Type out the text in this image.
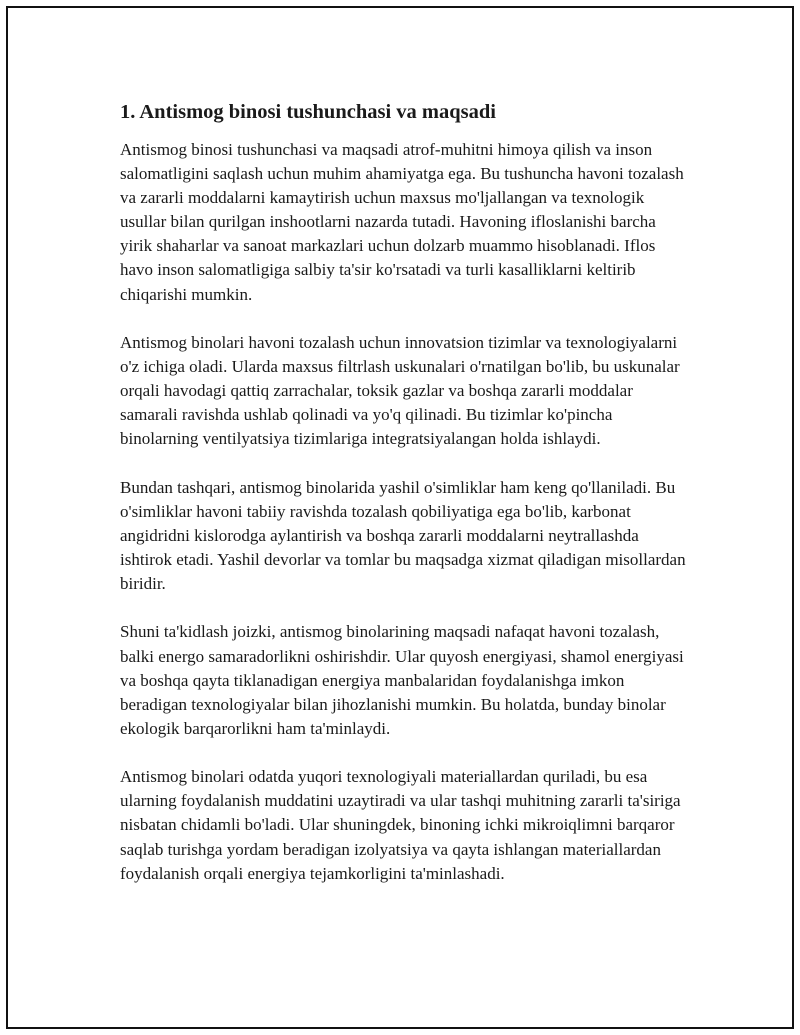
1. Antismog binosi tushunchasi va maqsadi

Antismog binosi tushunchasi va maqsadi atrof-muhitni himoya qilish va inson salomatligini saqlash uchun muhim ahamiyatga ega. Bu tushuncha havoni tozalash va zararli moddalarni kamaytirish uchun maxsus mo'ljallangan va texnologik usullar bilan qurilgan inshootlarni nazarda tutadi. Havoning ifloslanishi barcha yirik shaharlar va sanoat markazlari uchun dolzarb muammo hisoblanadi. Iflos havo inson salomatligiga salbiy ta'sir ko'rsatadi va turli kasalliklarni keltirib chiqarishi mumkin.

Antismog binolari havoni tozalash uchun innovatsion tizimlar va texnologiyalarni o'z ichiga oladi. Ularda maxsus filtrlash uskunalari o'rnatilgan bo'lib, bu uskunalar orqali havodagi qattiq zarrachalar, toksik gazlar va boshqa zararli moddalar samarali ravishda ushlab qolinadi va yo'q qilinadi. Bu tizimlar ko'pincha binolarning ventilyatsiya tizimlariga integratsiyalangan holda ishlaydi.

Bundan tashqari, antismog binolarida yashil o'simliklar ham keng qo'llaniladi. Bu o'simliklar havoni tabiiy ravishda tozalash qobiliyatiga ega bo'lib, karbonat angidridni kislorodga aylantirish va boshqa zararli moddalarni neytrallashda ishtirok etadi. Yashil devorlar va tomlar bu maqsadga xizmat qiladigan misollardan biridir.

Shuni ta'kidlash joizki, antismog binolarining maqsadi nafaqat havoni tozalash, balki energo samaradorlikni oshirishdir. Ular quyosh energiyasi, shamol energiyasi va boshqa qayta tiklanadigan energiya manbalaridan foydalanishga imkon beradigan texnologiyalar bilan jihozlanishi mumkin. Bu holatda, bunday binolar ekologik barqarorlikni ham ta'minlaydi.

Antismog binolari odatda yuqori texnologiyali materiallardan quriladi, bu esa ularning foydalanish muddatini uzaytiradi va ular tashqi muhitning zararli ta'siriga nisbatan chidamli bo'ladi. Ular shuningdek, binoning ichki mikroiqlimni barqaror saqlab turishga yordam beradigan izolyatsiya va qayta ishlangan materiallardan foydalanish orqali energiya tejamkorligini ta'minlashadi.
